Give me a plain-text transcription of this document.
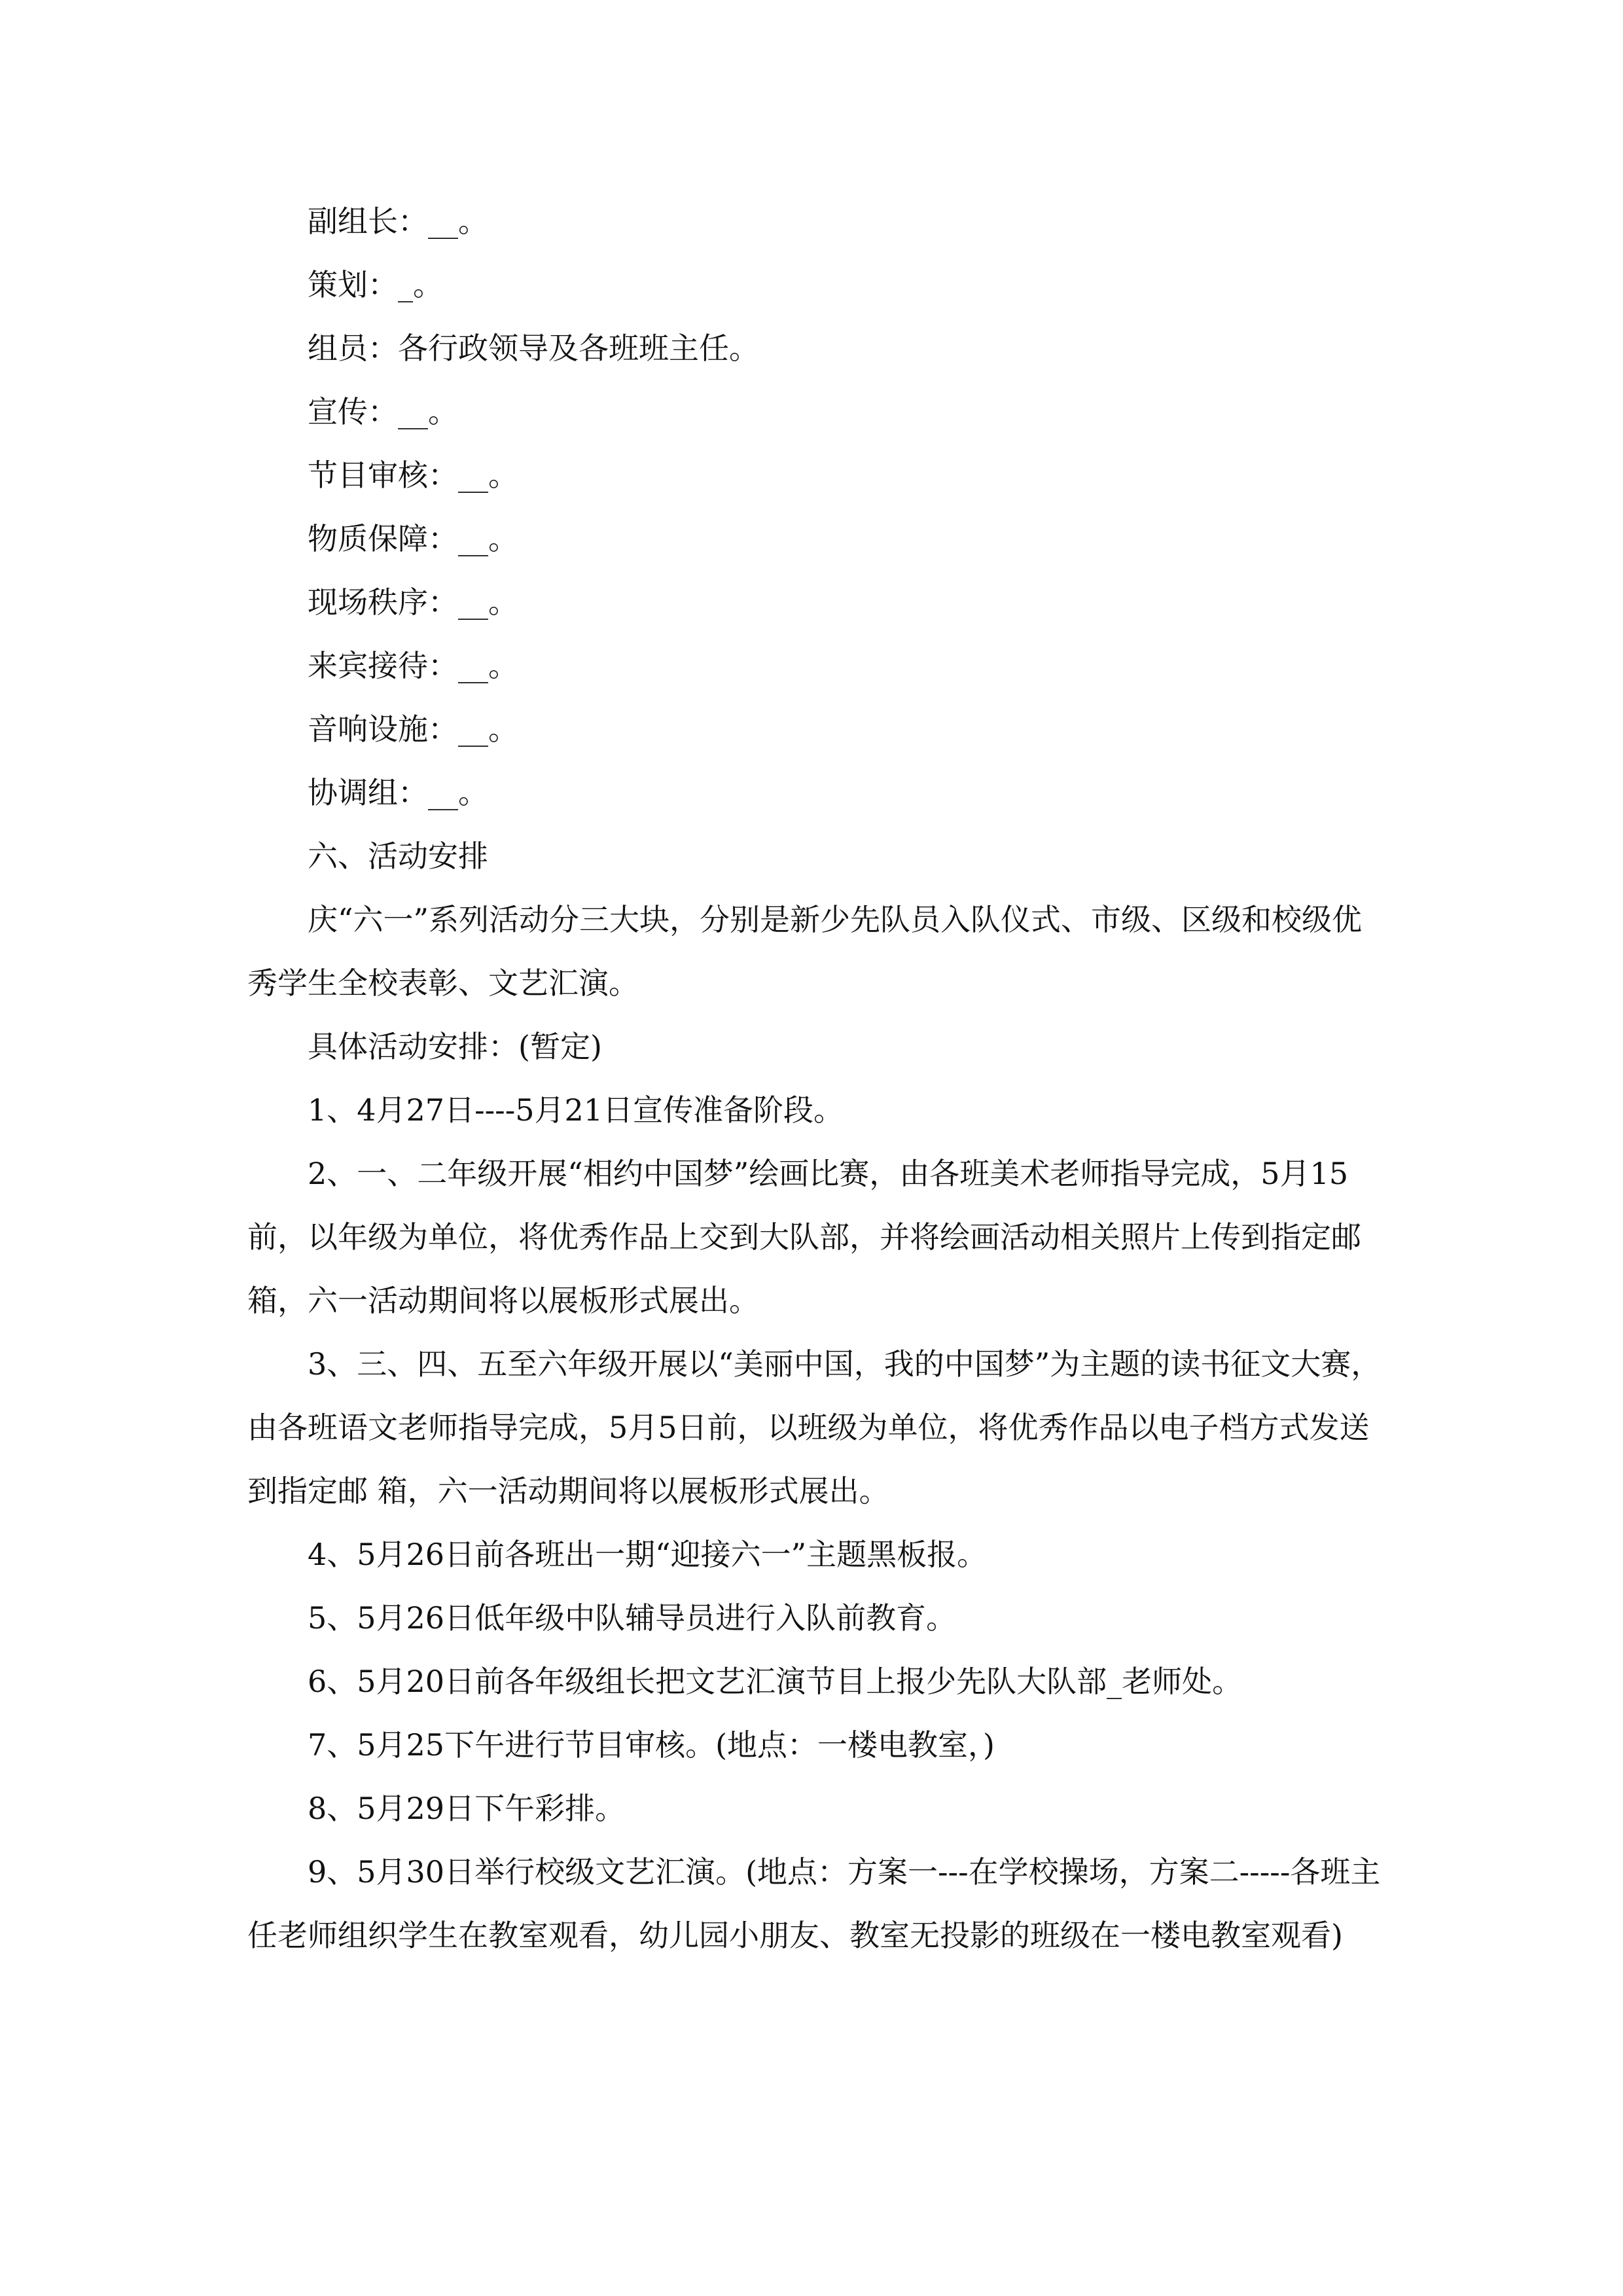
副组长：__。

策划：_。

组员：各行政领导及各班班主任。

宣传：__。

节目审核：__。

物质保障：__。

现场秩序：__。

来宾接待：__。

音响设施：__。

协调组：__。

六、活动安排

庆“六一”系列活动分三大块，分别是新少先队员入队仪式、市级、区级和校级优秀学生全校表彰、文艺汇演。

具体活动安排：(暂定)

1、4月27日----5月21日宣传准备阶段。

2、一、二年级开展“相约中国梦”绘画比赛，由各班美术老师指导完成，5月15前，以年级为单位，将优秀作品上交到大队部，并将绘画活动相关照片上传到指定邮 箱，六一活动期间将以展板形式展出。

3、三、四、五至六年级开展以“美丽中国，我的中国梦”为主题的读书征文大赛，由各班语文老师指导完成，5月5日前，以班级为单位，将优秀作品以电子档方式发送到指定邮 箱，六一活动期间将以展板形式展出。

4、5月26日前各班出一期“迎接六一”主题黑板报。

5、5月26日低年级中队辅导员进行入队前教育。

6、5月20日前各年级组长把文艺汇演节目上报少先队大队部_老师处。

7、5月25下午进行节目审核。(地点：一楼电教室，)

8、5月29日下午彩排。

9、5月30日举行校级文艺汇演。(地点：方案一---在学校操场，方案二-----各班主任老师组织学生在教室观看，幼儿园小朋友、教室无投影的班级在一楼电教室观看)
